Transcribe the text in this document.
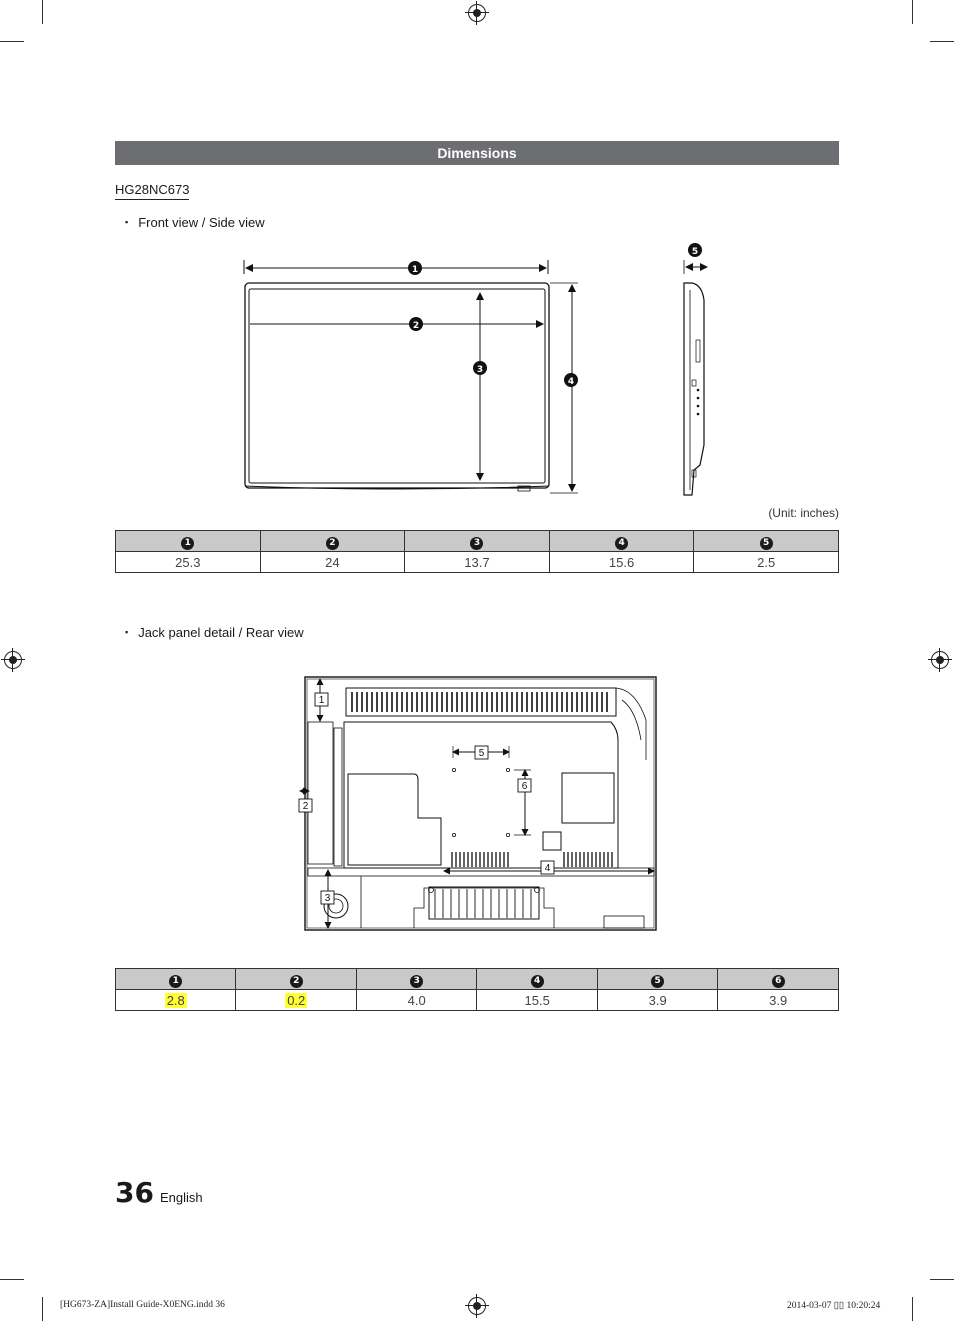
Dimensions
HG28NC673
▪ Front view / Side view
1
2
3
4
5
(Unit: inches)
1	2	3	4	5
25.3	24	13.7	15.6	2.5
▪ Jack panel detail / Rear view
1
2
3
4
5
6
1	2	3	4	5	6
2.8	0.2	4.0	15.5	3.9	3.9
36 English
[HG673-ZA]Install Guide-X0ENG.indd 36	2014-03-07 ▯▯ 10:20:24
